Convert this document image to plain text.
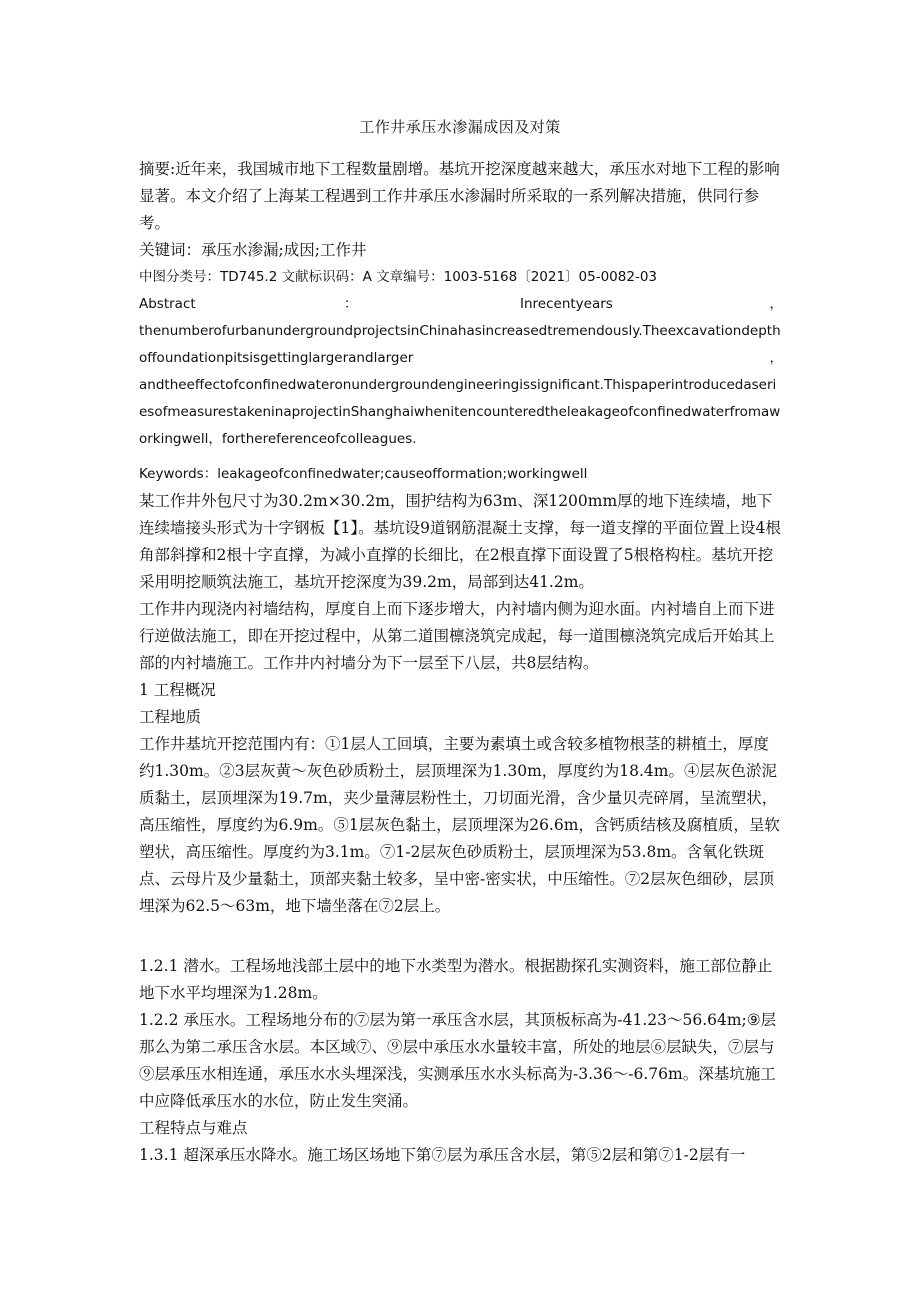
工作井承压水渗漏成因及对策

摘要:近年来，我国城市地下工程数量剧增。基坑开挖深度越来越大，承压水对地下工程的影响显著。本文介绍了上海某工程遇到工作井承压水渗漏时所采取的一系列解决措施，供同行参考。

关键词：承压水渗漏;成因;工作井

中图分类号：TD745.2 文献标识码：A 文章编号：1003-5168〔2021〕05-0082-03

Abstract	：	Inrecentyears	，
thenumberofurbanundergroundprojectsinChinahasincreasedtremendously.Theexcavationdepthoffoundationpitsisgettinglargerandlarger	，

andtheeffectofconfinedwateronundergroundengineeringissignificant.ThispaperintroducedaseriesofmeasurestakeninaprojectinShanghaiwhenitencounteredtheleakageofconfinedwaterfromaworkingwell，forthereferenceofcolleagues.

Keywords：leakageofconfinedwater;causeofformation;workingwell

某工作井外包尺寸为30.2m×30.2m，围护结构为63m、深1200mm厚的地下连续墙，地下连续墙接头形式为十字钢板【1】。基坑设9道钢筋混凝土支撑，每一道支撑的平面位置上设4根角部斜撑和2根十字直撑，为减小直撑的长细比，在2根直撑下面设置了5根格构柱。基坑开挖采用明挖顺筑法施工，基坑开挖深度为39.2m，局部到达41.2m。

工作井内现浇内衬墙结构，厚度自上而下逐步增大，内衬墙内侧为迎水面。内衬墙自上而下进行逆做法施工，即在开挖过程中，从第二道围檩浇筑完成起，每一道围檩浇筑完成后开始其上部的内衬墙施工。工作井内衬墙分为下一层至下八层，共8层结构。

1 工程概况

工程地质

工作井基坑开挖范围内有：①1层人工回填，主要为素填土或含较多植物根茎的耕植土，厚度约1.30m。②3层灰黄～灰色砂质粉土，层顶埋深为1.30m，厚度约为18.4m。④层灰色淤泥质黏土，层顶埋深为19.7m，夹少量薄层粉性土，刀切面光滑，含少量贝壳碎屑，呈流塑状，高压缩性，厚度约为6.9m。⑤1层灰色黏土，层顶埋深为26.6m，含钙质结核及腐植质，呈软塑状，高压缩性。厚度约为3.1m。⑦1-2层灰色砂质粉土，层顶埋深为53.8m。含氧化铁斑点、云母片及少量黏土，顶部夹黏土较多，呈中密-密实状，中压缩性。⑦2层灰色细砂，层顶埋深为62.5～63m，地下墙坐落在⑦2层上。

1.2.1 潜水。工程场地浅部土层中的地下水类型为潜水。根据勘探孔实测资料，施工部位静止地下水平均埋深为1.28m。

1.2.2 承压水。工程场地分布的⑦层为第一承压含水层，其顶板标高为-41.23～56.64m;⑨层那么为第二承压含水层。本区域⑦、⑨层中承压水水量较丰富，所处的地层⑥层缺失，⑦层与⑨层承压水相连通，承压水水头埋深浅，实测承压水水头标高为-3.36～-6.76m。深基坑施工中应降低承压水的水位，防止发生突涌。

工程特点与难点

1.3.1 超深承压水降水。施工场区场地下第⑦层为承压含水层，第⑤2层和第⑦1-2层有一
